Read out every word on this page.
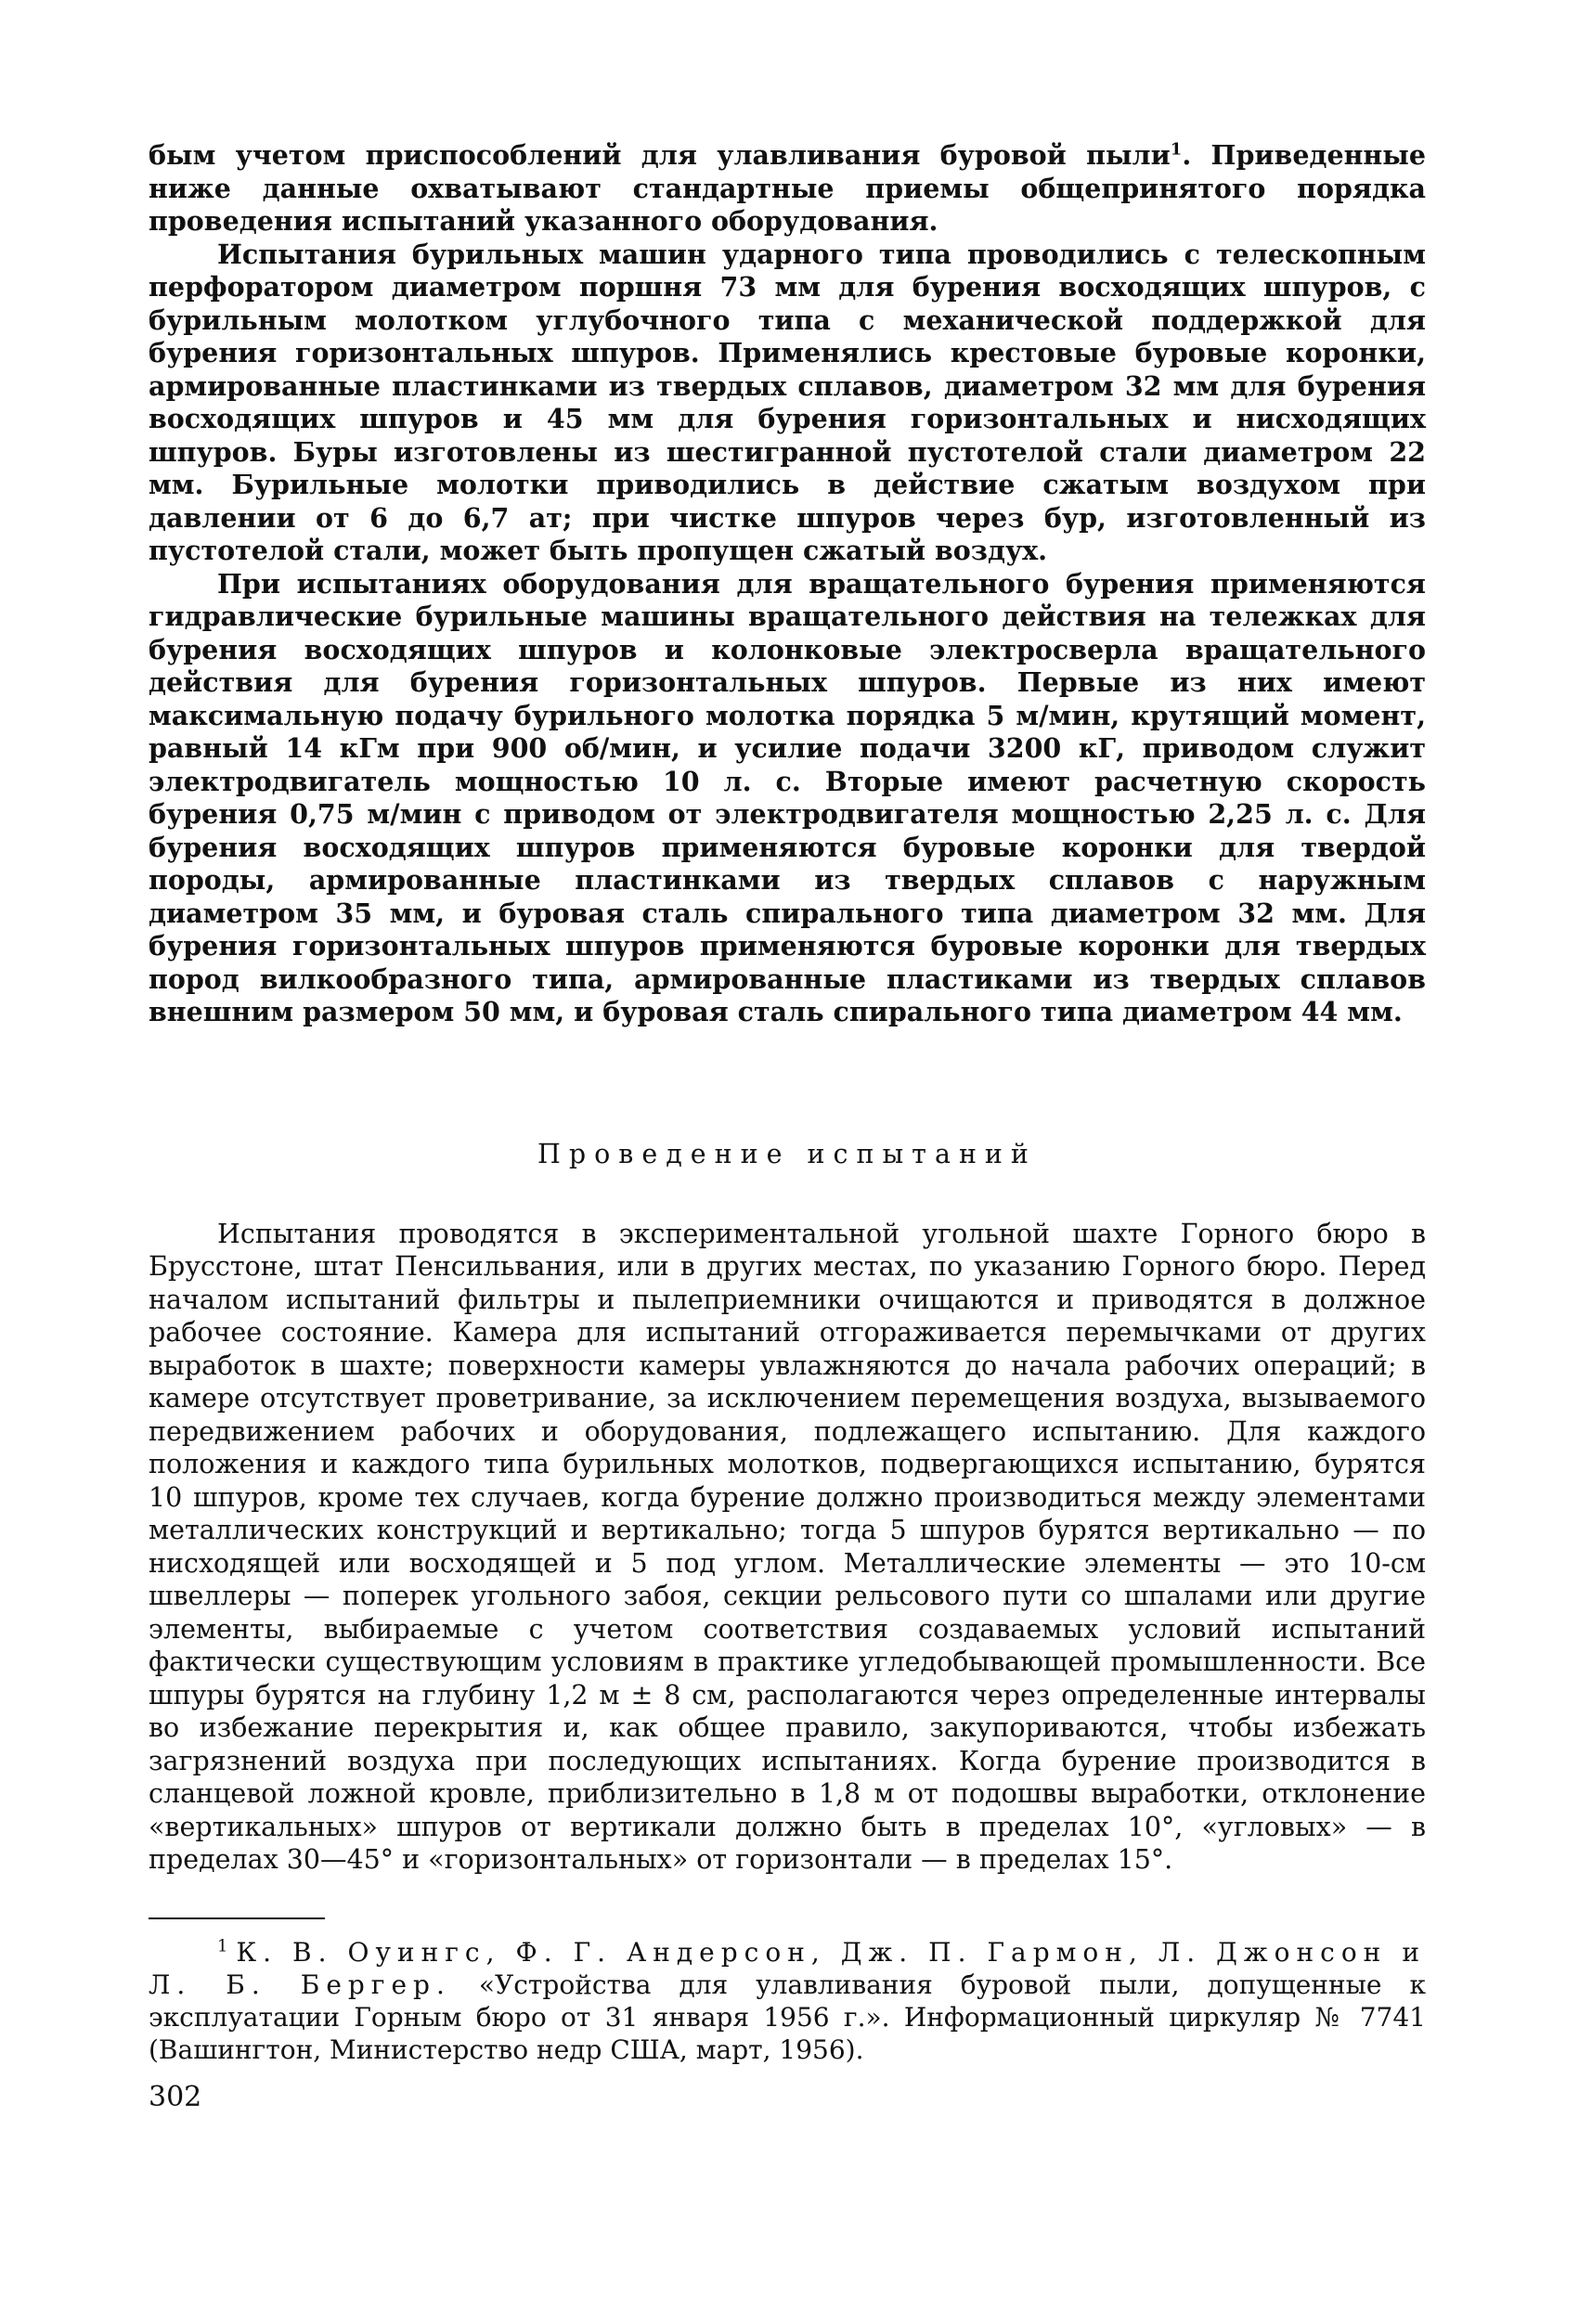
бым учетом приспособлений для улавливания буровой пыли$^1$. Приведенные ниже данные охватывают стандартные приемы общепринятого порядка проведения испытаний указанного оборудования.

Испытания бурильных машин ударного типа проводились с телескопным перфоратором диаметром поршня 73 мм для бурения восходящих шпуров, с бурильным молотком углубочного типа с механической поддержкой для бурения горизонтальных шпуров. Применялись крестовые буровые коронки, армированные пластинками из твердых сплавов, диаметром 32 мм для бурения восходящих шпуров и 45 мм для бурения горизонтальных и нисходящих шпуров. Буры изготовлены из шестигранной пустотелой стали диаметром 22 мм. Бурильные молотки приводились в действие сжатым воздухом при давлении от 6 до 6,7 ат; при чистке шпуров через бур, изготовленный из пустотелой стали, может быть пропущен сжатый воздух.

При испытаниях оборудования для вращательного бурения применяются гидравлические бурильные машины вращательного действия на тележках для бурения восходящих шпуров и колонковые электросверла вращательного действия для бурения горизонтальных шпуров. Первые из них имеют максимальную подачу бурильного молотка порядка 5 м/мин, крутящий момент, равный 14 кГм при 900 об/мин, и усилие подачи 3200 кГ, приводом служит электродвигатель мощностью 10 л. с. Вторые имеют расчетную скорость бурения 0,75 м/мин с приводом от электродвигателя мощностью 2,25 л. с. Для бурения восходящих шпуров применяются буровые коронки для твердой породы, армированные пластинками из твердых сплавов с наружным диаметром 35 мм, и буровая сталь спирального типа диаметром 32 мм. Для бурения горизонтальных шпуров применяются буровые коронки для твердых пород вилкообразного типа, армированные пластиками из твердых сплавов внешним размером 50 мм, и буровая сталь спирального типа диаметром 44 мм.

Проведение испытаний

Испытания проводятся в экспериментальной угольной шахте Горного бюро в Брусстоне, штат Пенсильвания, или в других местах, по указанию Горного бюро. Перед началом испытаний фильтры и пылеприемники очищаются и приводятся в должное рабочее состояние. Камера для испытаний отгораживается перемычками от других выработок в шахте; поверхности камеры увлажняются до начала рабочих операций; в камере отсутствует проветривание, за исключением перемещения воздуха, вызываемого передвижением рабочих и оборудования, подлежащего испытанию. Для каждого положения и каждого типа бурильных молотков, подвергающихся испытанию, бурятся 10 шпуров, кроме тех случаев, когда бурение должно производиться между элементами металлических конструкций и вертикально; тогда 5 шпуров бурятся вертикально — по нисходящей или восходящей и 5 под углом. Металлические элементы — это 10-см швеллеры — поперек угольного забоя, секции рельсового пути со шпалами или другие элементы, выбираемые с учетом соответствия создаваемых условий испытаний фактически существующим условиям в практике угледобывающей промышленности. Все шпуры бурятся на глубину 1,2 м ± 8 см, располагаются через определенные интервалы во избежание перекрытия и, как общее правило, закупориваются, чтобы избежать загрязнений воздуха при последующих испытаниях. Когда бурение производится в сланцевой ложной кровле, приблизительно в 1,8 м от подошвы выработки, отклонение «вертикальных» шпуров от вертикали должно быть в пределах 10°, «угловых» — в пределах 30—45° и «горизонтальных» от горизонтали — в пределах 15°.

$^1$ К. В. Оуингс, Ф. Г. Андерсон, Дж. П. Гармон, Л. Джонсон и Л. Б. Бергер. «Устройства для улавливания буровой пыли, допущенные к эксплуатации Горным бюро от 31 января 1956 г.». Информационный циркуляр № 7741 (Вашингтон, Министерство недр США, март, 1956).

302
